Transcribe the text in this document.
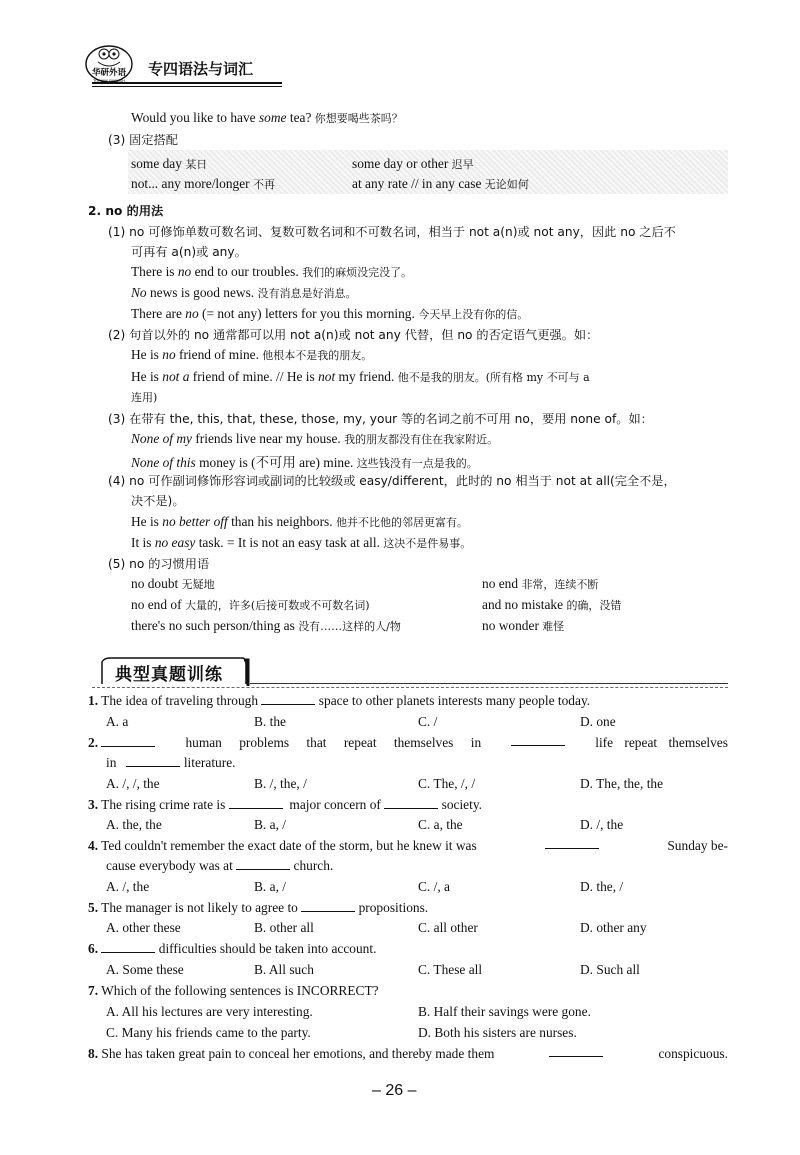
华研外语
TOPWAY ENGLISH
专四语法与词汇
Would you like to have some tea? 你想要喝些茶吗？
(3) 固定搭配
some day 某日	some day or other 迟早
not... any more/longer 不再	at any rate // in any case 无论如何
2. no 的用法
(1) no 可修饰单数可数名词、复数可数名词和不可数名词，相当于 not a(n)或 not any，因此 no 之后不
可再有 a(n)或 any。
There is no end to our troubles. 我们的麻烦没完没了。
No news is good news. 没有消息是好消息。
There are no (= not any) letters for you this morning. 今天早上没有你的信。
(2) 句首以外的 no 通常都可以用 not a(n)或 not any 代替，但 no 的否定语气更强。如：
He is no friend of mine. 他根本不是我的朋友。
He is not a friend of mine. // He is not my friend. 他不是我的朋友。(所有格 my 不可与 a
连用)
(3) 在带有 the, this, that, these, those, my, your 等的名词之前不可用 no，要用 none of。如：
None of my friends live near my house. 我的朋友都没有住在我家附近。
None of this money is (不可用 are) mine. 这些钱没有一点是我的。
(4) no 可作副词修饰形容词或副词的比较级或 easy/different，此时的 no 相当于 not at all(完全不是，
决不是)。
He is no better off than his neighbors. 他并不比他的邻居更富有。
It is no easy task. = It is not an easy task at all. 这决不是件易事。
(5) no 的习惯用语
no doubt 无疑地	no end 非常，连续不断
no end of 大量的，许多(后接可数或不可数名词)	and no mistake 的确，没错
there's no such person/thing as 没有……这样的人/物	no wonder 难怪
典型真题训练
1. The idea of traveling through	space to other planets interests many people today.
A. a	B. the	C. /	D. one
2.	human problems that repeat themselves in	life repeat themselves
in	literature.
A. /, /, the	B. /, the, /	C. The, /, /	D. The, the, the
3. The rising crime rate is	major concern of	society.
A. the, the	B. a, /	C. a, the	D. /, the
4. Ted couldn't remember the exact date of the storm, but he knew it was	Sunday be-
cause everybody was at	church.
A. /, the	B. a, /	C. /, a	D. the, /
5. The manager is not likely to agree to	propositions.
A. other these	B. other all	C. all other	D. other any
6.	difficulties should be taken into account.
A. Some these	B. All such	C. These all	D. Such all
7. Which of the following sentences is INCORRECT?
A. All his lectures are very interesting.	B. Half their savings were gone.
C. Many his friends came to the party.	D. Both his sisters are nurses.
8. She has taken great pain to conceal her emotions, and thereby made them	conspicuous.
– 26 –
